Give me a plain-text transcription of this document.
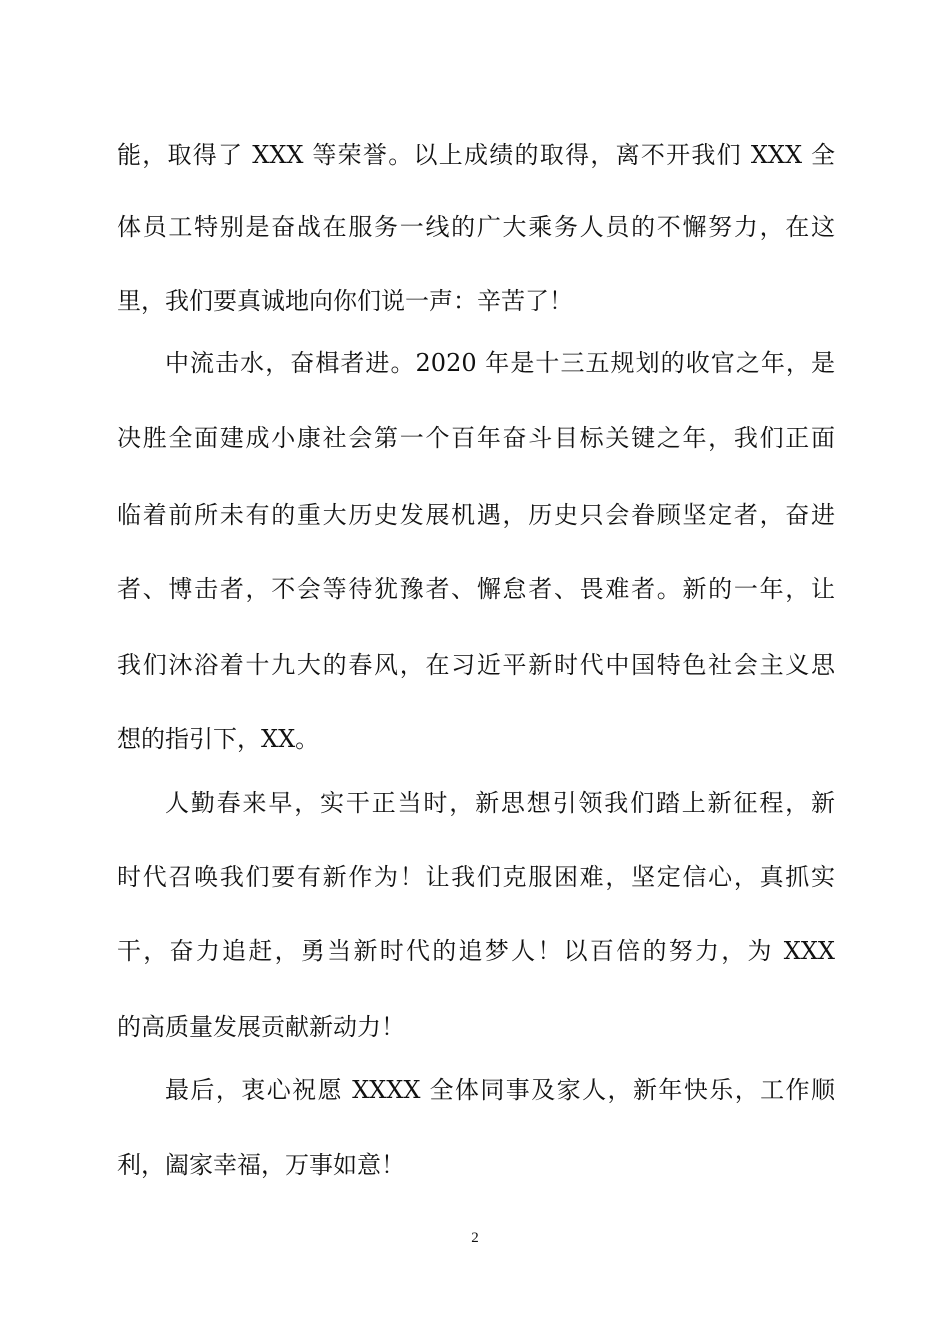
能，取得了 XXX 等荣誉。以上成绩的取得，离不开我们 XXX 全
体员工特别是奋战在服务一线的广大乘务人员的不懈努力，在这
里，我们要真诚地向你们说一声：辛苦了！
中流击水，奋楫者进。2020 年是十三五规划的收官之年，是
决胜全面建成小康社会第一个百年奋斗目标关键之年，我们正面
临着前所未有的重大历史发展机遇，历史只会眷顾坚定者，奋进
者、博击者，不会等待犹豫者、懈怠者、畏难者。新的一年，让
我们沐浴着十九大的春风，在习近平新时代中国特色社会主义思
想的指引下，XX。
人勤春来早，实干正当时，新思想引领我们踏上新征程，新
时代召唤我们要有新作为！让我们克服困难，坚定信心，真抓实
干，奋力追赶，勇当新时代的追梦人！以百倍的努力，为 XXX
的高质量发展贡献新动力！
最后，衷心祝愿 XXXX 全体同事及家人，新年快乐，工作顺
利，阖家幸福，万事如意！
2
